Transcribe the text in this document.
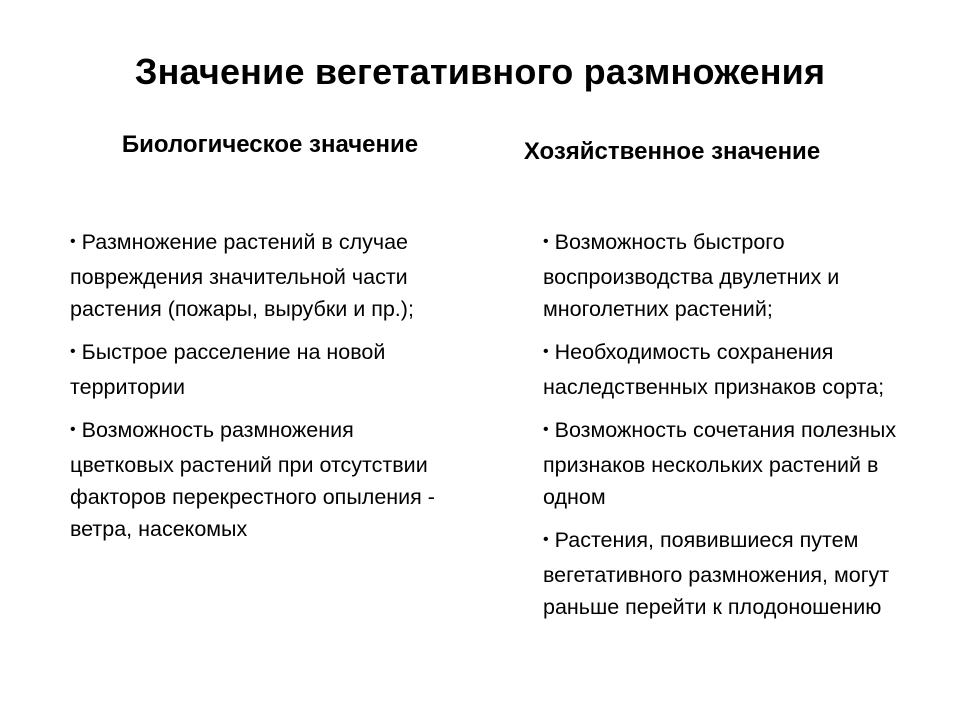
Значение вегетативного размножения
Биологическое значение	Хозяйственное значение
• Размножение растений в случае повреждения значительной части растения (пожары, вырубки и пр.);
• Быстрое расселение на новой территории
• Возможность размножения цветковых растений при отсутствии факторов перекрестного опыления - ветра, насекомых
• Возможность быстрого воспроизводства двулетних и многолетних растений;
• Необходимость сохранения наследственных признаков сорта;
• Возможность сочетания полезных признаков нескольких растений в одном
• Растения, появившиеся путем вегетативного размножения, могут раньше перейти к плодоношению
